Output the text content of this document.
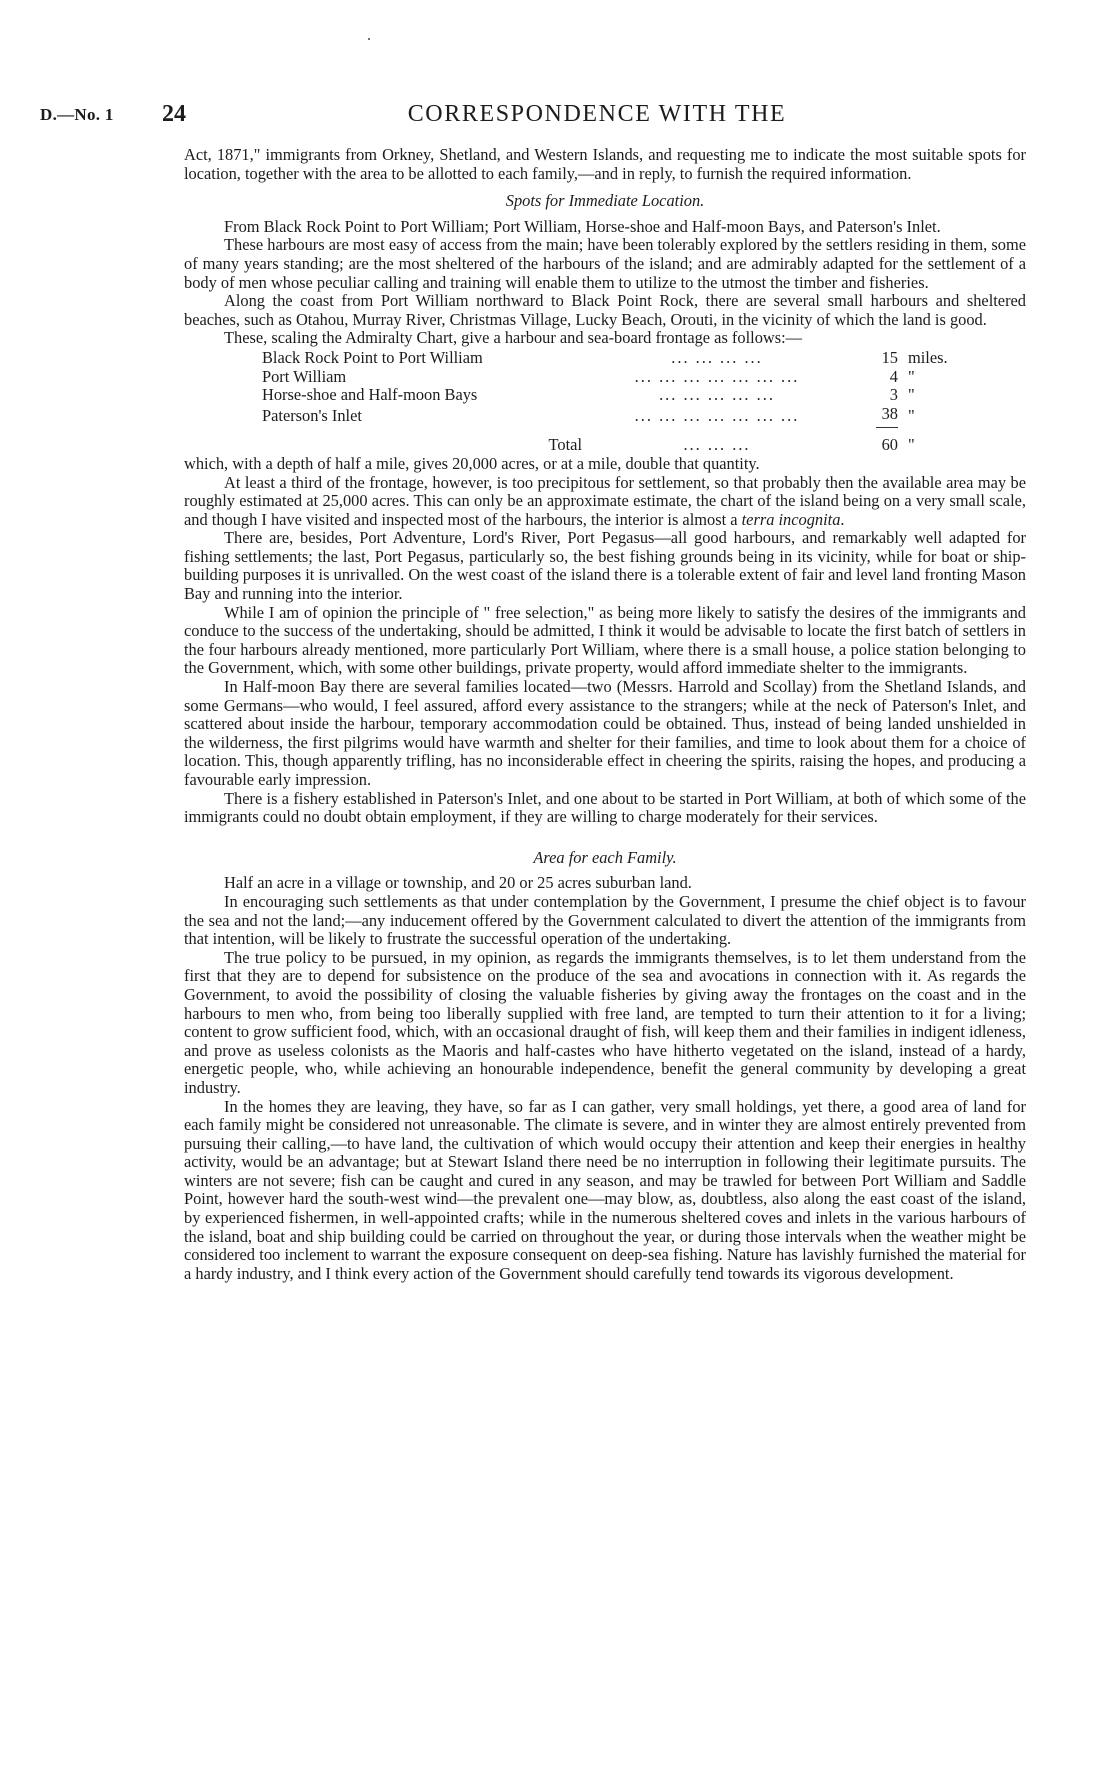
D.—No. 1 24	CORRESPONDENCE WITH THE

Act, 1871," immigrants from Orkney, Shetland, and Western Islands, and requesting me to indicate the most suitable spots for location, together with the area to be allotted to each family,—and in reply, to furnish the required information.

Spots for Immediate Location.

From Black Rock Point to Port William; Port William, Horse-shoe and Half-moon Bays, and Paterson's Inlet.

These harbours are most easy of access from the main; have been tolerably explored by the settlers residing in them, some of many years standing; are the most sheltered of the harbours of the island; and are admirably adapted for the settlement of a body of men whose peculiar calling and training will enable them to utilize to the utmost the timber and fisheries.

Along the coast from Port William northward to Black Point Rock, there are several small harbours and sheltered beaches, such as Otahou, Murray River, Christmas Village, Lucky Beach, Orouti, in the vicinity of which the land is good.

These, scaling the Admiralty Chart, give a harbour and sea-board frontage as follows:—

Black Rock Point to Port William	... ... ... ...	15	miles.
Port William	... ... ... ... ... ... ...	4	"
Horse-shoe and Half-moon Bays	... ... ... ... ...	3	"
Paterson's Inlet	... ... ... ... ... ... ...	38	"
Total	... ... ...	60	"

which, with a depth of half a mile, gives 20,000 acres, or at a mile, double that quantity.

At least a third of the frontage, however, is too precipitous for settlement, so that probably then the available area may be roughly estimated at 25,000 acres. This can only be an approximate estimate, the chart of the island being on a very small scale, and though I have visited and inspected most of the harbours, the interior is almost a terra incognita.

There are, besides, Port Adventure, Lord's River, Port Pegasus—all good harbours, and remarkably well adapted for fishing settlements; the last, Port Pegasus, particularly so, the best fishing grounds being in its vicinity, while for boat or ship-building purposes it is unrivalled. On the west coast of the island there is a tolerable extent of fair and level land fronting Mason Bay and running into the interior.

While I am of opinion the principle of " free selection," as being more likely to satisfy the desires of the immigrants and conduce to the success of the undertaking, should be admitted, I think it would be advisable to locate the first batch of settlers in the four harbours already mentioned, more particularly Port William, where there is a small house, a police station belonging to the Government, which, with some other buildings, private property, would afford immediate shelter to the immigrants.

In Half-moon Bay there are several families located—two (Messrs. Harrold and Scollay) from the Shetland Islands, and some Germans—who would, I feel assured, afford every assistance to the strangers; while at the neck of Paterson's Inlet, and scattered about inside the harbour, temporary accommodation could be obtained. Thus, instead of being landed unshielded in the wilderness, the first pilgrims would have warmth and shelter for their families, and time to look about them for a choice of location. This, though apparently trifling, has no inconsiderable effect in cheering the spirits, raising the hopes, and producing a favourable early impression.

There is a fishery established in Paterson's Inlet, and one about to be started in Port William, at both of which some of the immigrants could no doubt obtain employment, if they are willing to charge moderately for their services.

Area for each Family.

Half an acre in a village or township, and 20 or 25 acres suburban land.

In encouraging such settlements as that under contemplation by the Government, I presume the chief object is to favour the sea and not the land;—any inducement offered by the Government calculated to divert the attention of the immigrants from that intention, will be likely to frustrate the successful operation of the undertaking.

The true policy to be pursued, in my opinion, as regards the immigrants themselves, is to let them understand from the first that they are to depend for subsistence on the produce of the sea and avocations in connection with it. As regards the Government, to avoid the possibility of closing the valuable fisheries by giving away the frontages on the coast and in the harbours to men who, from being too liberally supplied with free land, are tempted to turn their attention to it for a living; content to grow sufficient food, which, with an occasional draught of fish, will keep them and their families in indigent idleness, and prove as useless colonists as the Maoris and half-castes who have hitherto vegetated on the island, instead of a hardy, energetic people, who, while achieving an honourable independence, benefit the general community by developing a great industry.

In the homes they are leaving, they have, so far as I can gather, very small holdings, yet there, a good area of land for each family might be considered not unreasonable. The climate is severe, and in winter they are almost entirely prevented from pursuing their calling,—to have land, the cultivation of which would occupy their attention and keep their energies in healthy activity, would be an advantage; but at Stewart Island there need be no interruption in following their legitimate pursuits. The winters are not severe; fish can be caught and cured in any season, and may be trawled for between Port William and Saddle Point, however hard the south-west wind—the prevalent one—may blow, as, doubtless, also along the east coast of the island, by experienced fishermen, in well-appointed crafts; while in the numerous sheltered coves and inlets in the various harbours of the island, boat and ship building could be carried on throughout the year, or during those intervals when the weather might be considered too inclement to warrant the exposure consequent on deep-sea fishing. Nature has lavishly furnished the material for a hardy industry, and I think every action of the Government should carefully tend towards its vigorous development.
